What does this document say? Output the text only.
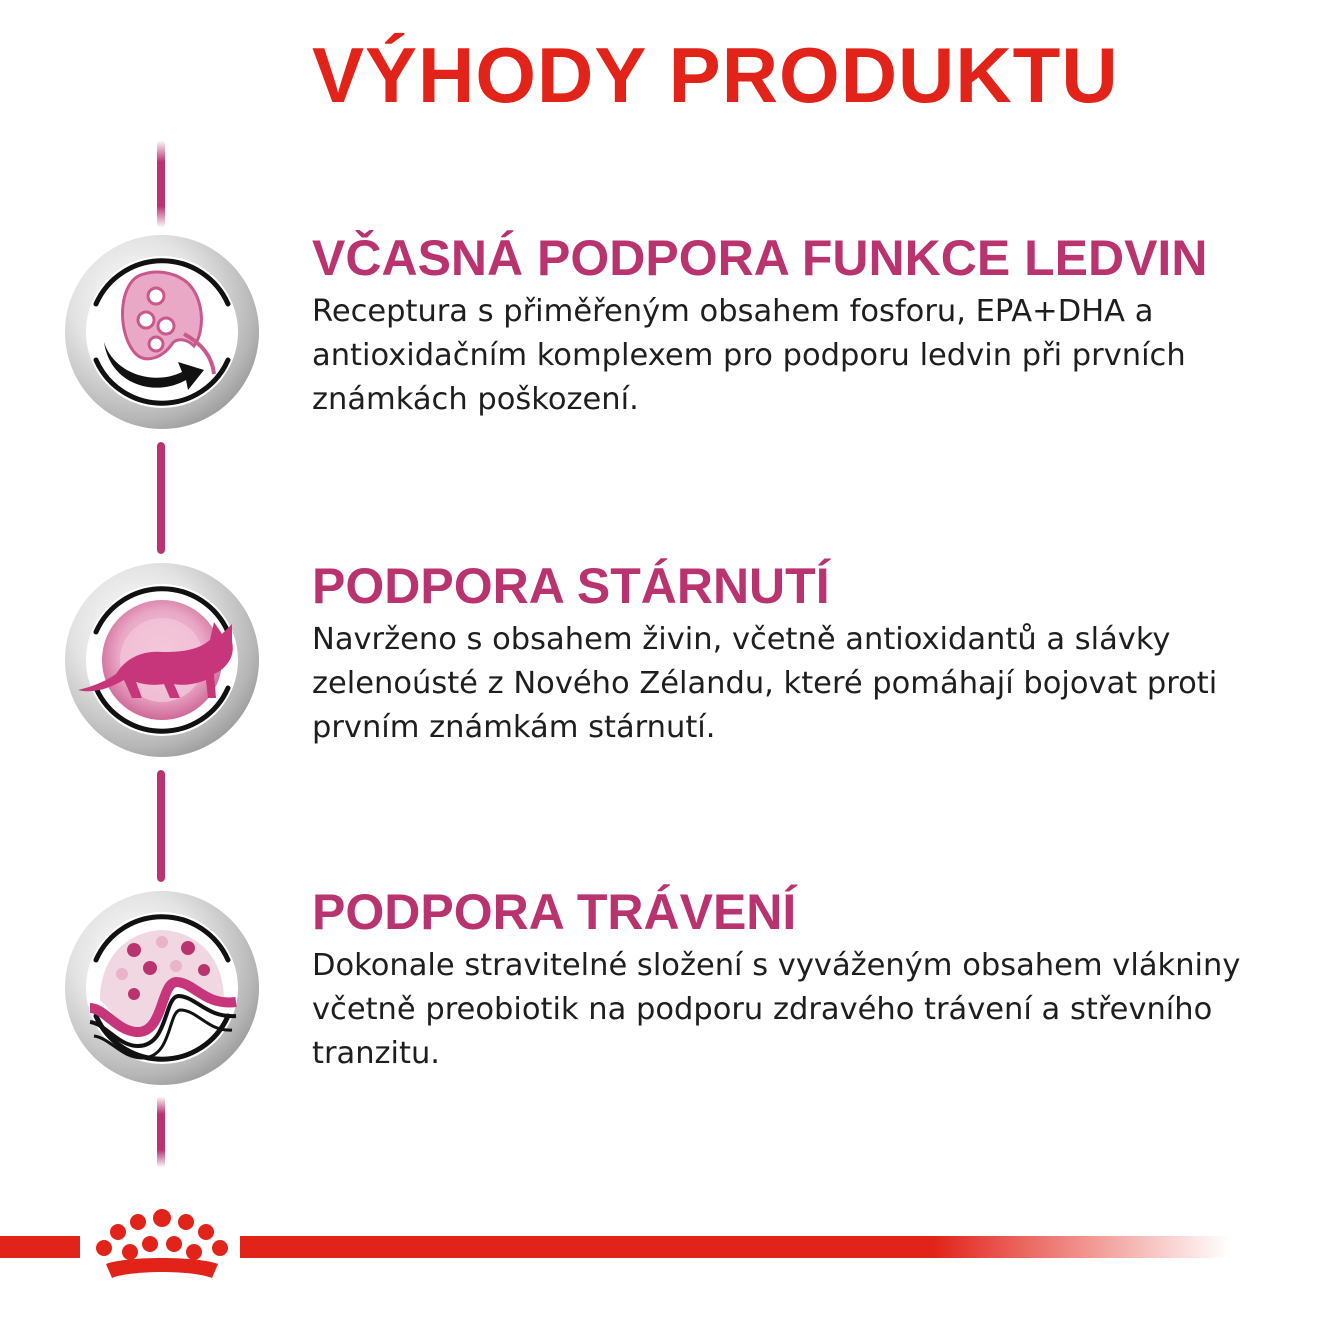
VÝHODY PRODUKTU
VČASNÁ PODPORA FUNKCE LEDVIN
Receptura s přiměřeným obsahem fosforu, EPA+DHA a antioxidačním komplexem pro podporu ledvin při prvních známkách poškození.
PODPORA STÁRNUTÍ
Navrženo s obsahem živin, včetně antioxidantů a slávky zelenoústé z Nového Zélandu, které pomáhají bojovat proti prvním známkám stárnutí.
PODPORA TRÁVENÍ
Dokonale stravitelné složení s vyváženým obsahem vlákniny včetně preobiotik na podporu zdravého trávení a střevního tranzitu.
